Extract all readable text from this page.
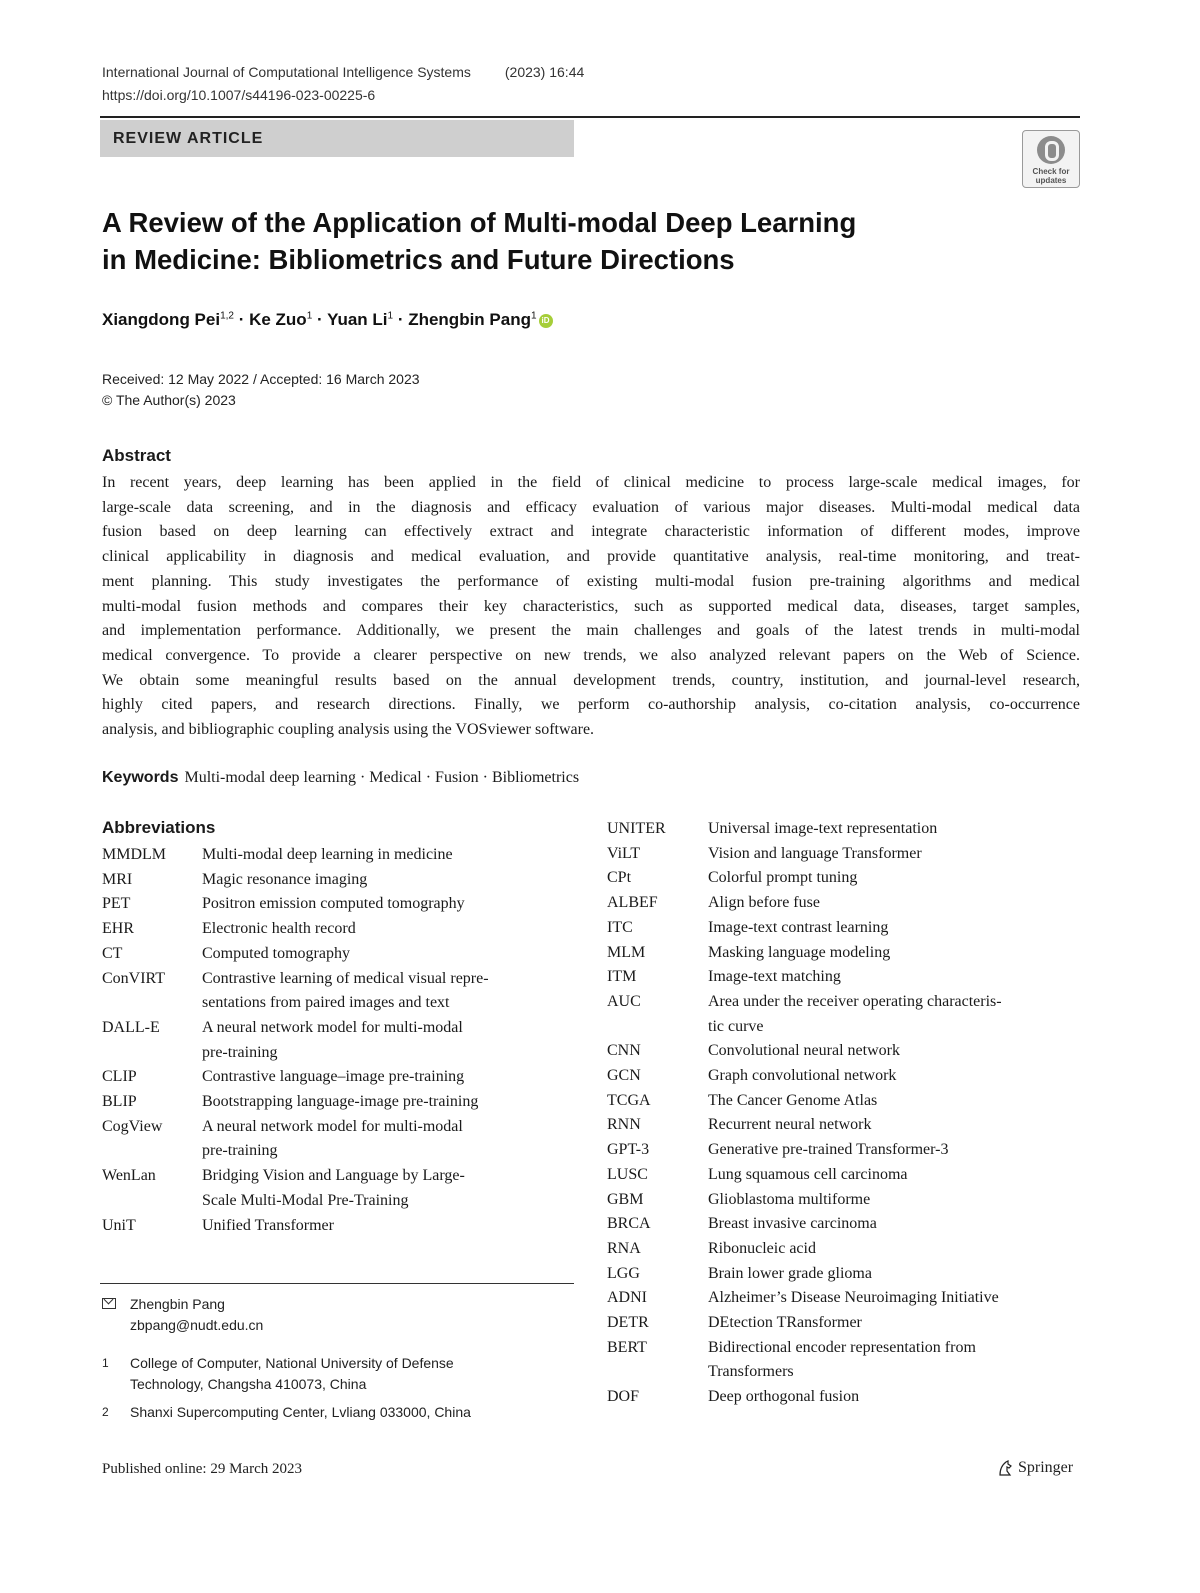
International Journal of Computational Intelligence Systems (2023) 16:44
https://doi.org/10.1007/s44196-023-00225-6
REVIEW ARTICLE
Check for updates
A Review of the Application of Multi-modal Deep Learning
in Medicine: Bibliometrics and Future Directions
Xiangdong Pei$^{1,2}$ · Ke Zuo$^1$ · Yuan $Li^1$ · Zhengbin Pang$^1$ iD
Received: 12 May 2022 / Accepted: 16 March 2023
© The Author(s) 2023
Abstract
In recent years, deep learning has been applied in the field of clinical medicine to process large-scale medical images, for
large-scale data screening, and in the diagnosis and efficacy evaluation of various major diseases. Multi-modal medical data
fusion based on deep learning can effectively extract and integrate characteristic information of different modes, improve
clinical applicability in diagnosis and medical evaluation, and provide quantitative analysis, real-time monitoring, and treat-
ment planning. This study investigates the performance of existing multi-modal fusion pre-training algorithms and medical
multi-modal fusion methods and compares their key characteristics, such as supported medical data, diseases, target samples,
and implementation performance. Additionally, we present the main challenges and goals of the latest trends in multi-modal
medical convergence. To provide a clearer perspective on new trends, we also analyzed relevant papers on the Web of Science.
We obtain some meaningful results based on the annual development trends, country, institution, and journal-level research,
highly cited papers, and research directions. Finally, we perform co-authorship analysis, co-citation analysis, co-occurrence
analysis, and bibliographic coupling analysis using the VOSviewer software.
Keywords Multi-modal deep learning · Medical · Fusion · Bibliometrics
Abbreviations
MMDLM	Multi-modal deep learning in medicine
MRI	Magic resonance imaging
PET	Positron emission computed tomography
EHR	Electronic health record
CT	Computed tomography
ConVIRT	Contrastive learning of medical visual repre-
sentations from paired images and text
DALL-E	A neural network model for multi-modal
pre-training
CLIP	Contrastive language–image pre-training
BLIP	Bootstrapping language-image pre-training
CogView	A neural network model for multi-modal
pre-training
WenLan	Bridging Vision and Language by Large-
Scale Multi-Modal Pre-Training
UniT	Unified Transformer
UNITER	Universal image-text representation
ViLT	Vision and language Transformer
CPt	Colorful prompt tuning
ALBEF	Align before fuse
ITC	Image-text contrast learning
MLM	Masking language modeling
ITM	Image-text matching
AUC	Area under the receiver operating characteris-
tic curve
CNN	Convolutional neural network
GCN	Graph convolutional network
TCGA	The Cancer Genome Atlas
RNN	Recurrent neural network
GPT-3	Generative pre-trained Transformer-3
LUSC	Lung squamous cell carcinoma
GBM	Glioblastoma multiforme
BRCA	Breast invasive carcinoma
RNA	Ribonucleic acid
LGG	Brain lower grade glioma
ADNI	Alzheimer’s Disease Neuroimaging Initiative
DETR	DEtection TRansformer
BERT	Bidirectional encoder representation from
Transformers
DOF	Deep orthogonal fusion
Zhengbin Pang
zbpang@nudt.edu.cn
1 College of Computer, National University of Defense
Technology, Changsha 410073, China
2 Shanxi Supercomputing Center, Lvliang 033000, China
Published online: 29 March 2023	Springer
